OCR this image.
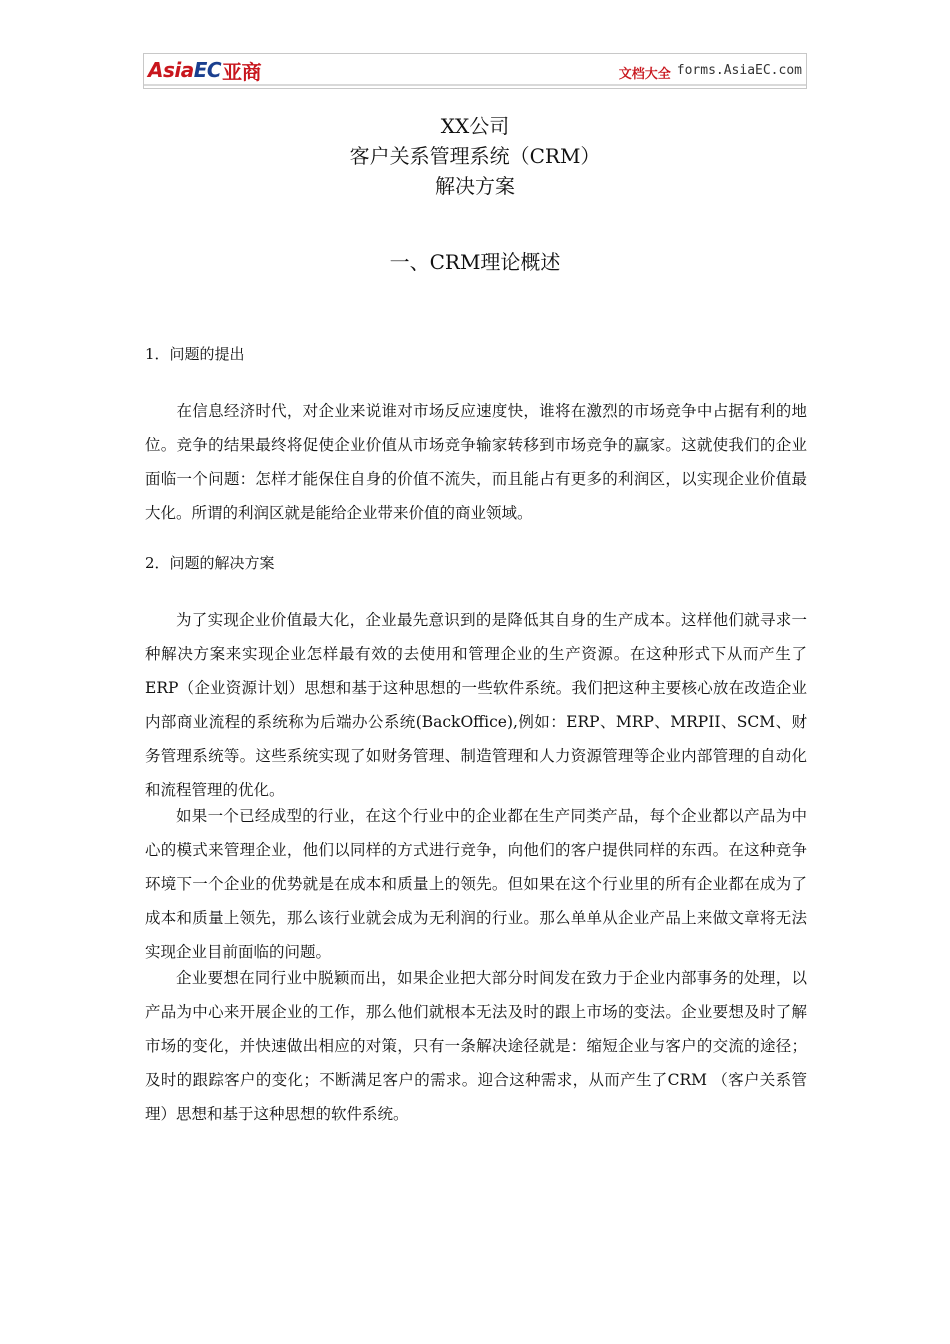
Asia EC 亚商	文档大全 forms.AsiaEC.com
XX公司
客户关系管理系统（CRM）
解决方案
一、CRM理论概述
1．问题的提出

　　在信息经济时代，对企业来说谁对市场反应速度快，谁将在激烈的市场竞争中占据有利的地位。竞争的结果最终将促使企业价值从市场竞争输家转移到市场竞争的赢家。这就使我们的企业面临一个问题：怎样才能保住自身的价值不流失，而且能占有更多的利润区，以实现企业价值最大化。所谓的利润区就是能给企业带来价值的商业领域。

2．问题的解决方案

为了实现企业价值最大化，企业最先意识到的是降低其自身的生产成本。这样他们就寻求一种解决方案来实现企业怎样最有效的去使用和管理企业的生产资源。在这种形式下从而产生了ERP（企业资源计划）思想和基于这种思想的一些软件系统。我们把这种主要核心放在改造企业内部商业流程的系统称为后端办公系统(BackOffice),例如：ERP、MRP、MRPII、SCM、财务管理系统等。这些系统实现了如财务管理、制造管理和人力资源管理等企业内部管理的自动化和流程管理的优化。

如果一个已经成型的行业，在这个行业中的企业都在生产同类产品，每个企业都以产品为中心的模式来管理企业，他们以同样的方式进行竞争，向他们的客户提供同样的东西。在这种竞争环境下一个企业的优势就是在成本和质量上的领先。但如果在这个行业里的所有企业都在成为了成本和质量上领先，那么该行业就会成为无利润的行业。那么单单从企业产品上来做文章将无法实现企业目前面临的问题。

企业要想在同行业中脱颖而出，如果企业把大部分时间发在致力于企业内部事务的处理，以产品为中心来开展企业的工作，那么他们就根本无法及时的跟上市场的变法。企业要想及时了解市场的变化，并快速做出相应的对策，只有一条解决途径就是：缩短企业与客户的交流的途径；及时的跟踪客户的变化；不断满足客户的需求。迎合这种需求，从而产生了CRM （客户关系管理）思想和基于这种思想的软件系统。
